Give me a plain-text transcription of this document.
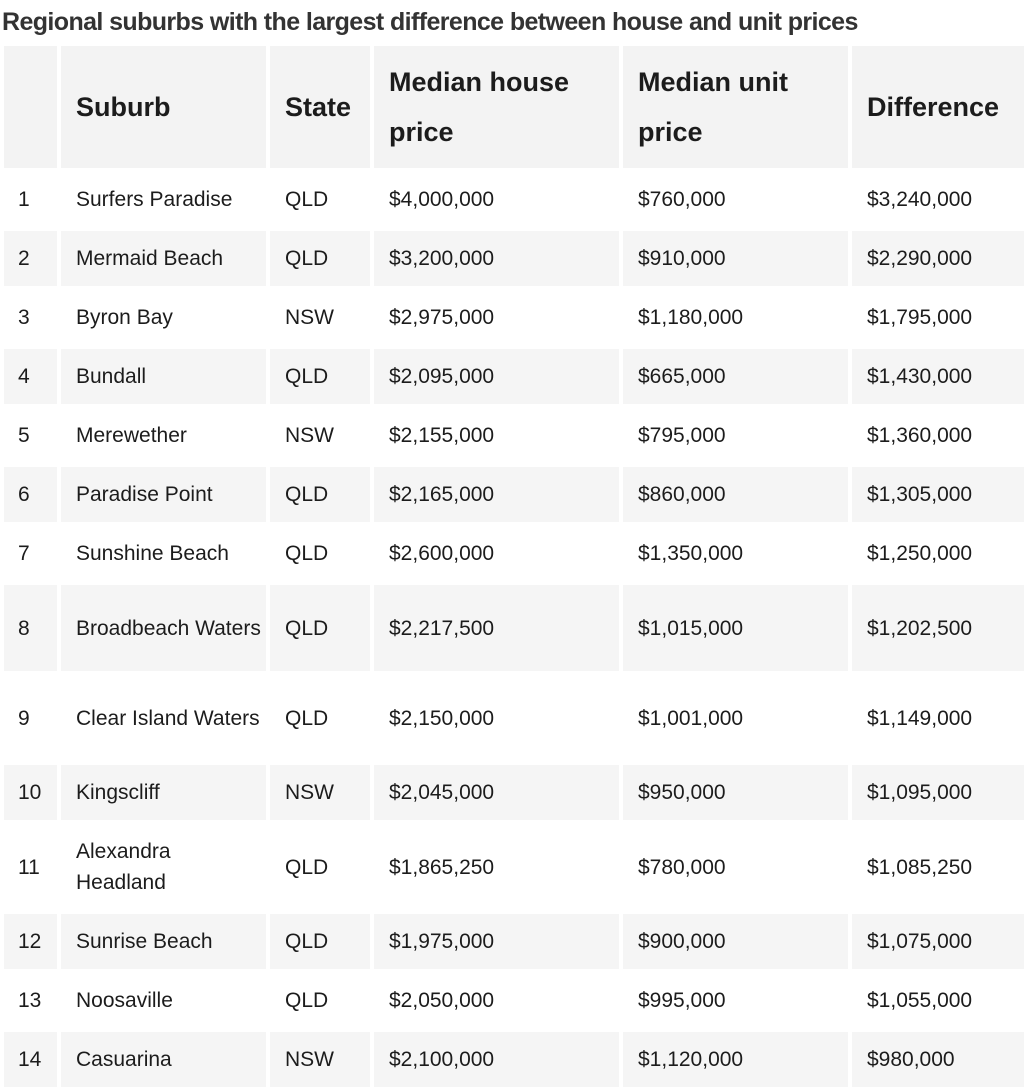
Regional suburbs with the largest difference between house and unit prices
	Suburb	State	Median house price	Median unit price	Difference
1	Surfers Paradise	QLD	$4,000,000	$760,000	$3,240,000
2	Mermaid Beach	QLD	$3,200,000	$910,000	$2,290,000
3	Byron Bay	NSW	$2,975,000	$1,180,000	$1,795,000
4	Bundall	QLD	$2,095,000	$665,000	$1,430,000
5	Merewether	NSW	$2,155,000	$795,000	$1,360,000
6	Paradise Point	QLD	$2,165,000	$860,000	$1,305,000
7	Sunshine Beach	QLD	$2,600,000	$1,350,000	$1,250,000
8	Broadbeach Waters	QLD	$2,217,500	$1,015,000	$1,202,500
9	Clear Island Waters	QLD	$2,150,000	$1,001,000	$1,149,000
10	Kingscliff	NSW	$2,045,000	$950,000	$1,095,000
11	Alexandra Headland	QLD	$1,865,250	$780,000	$1,085,250
12	Sunrise Beach	QLD	$1,975,000	$900,000	$1,075,000
13	Noosaville	QLD	$2,050,000	$995,000	$1,055,000
14	Casuarina	NSW	$2,100,000	$1,120,000	$980,000
